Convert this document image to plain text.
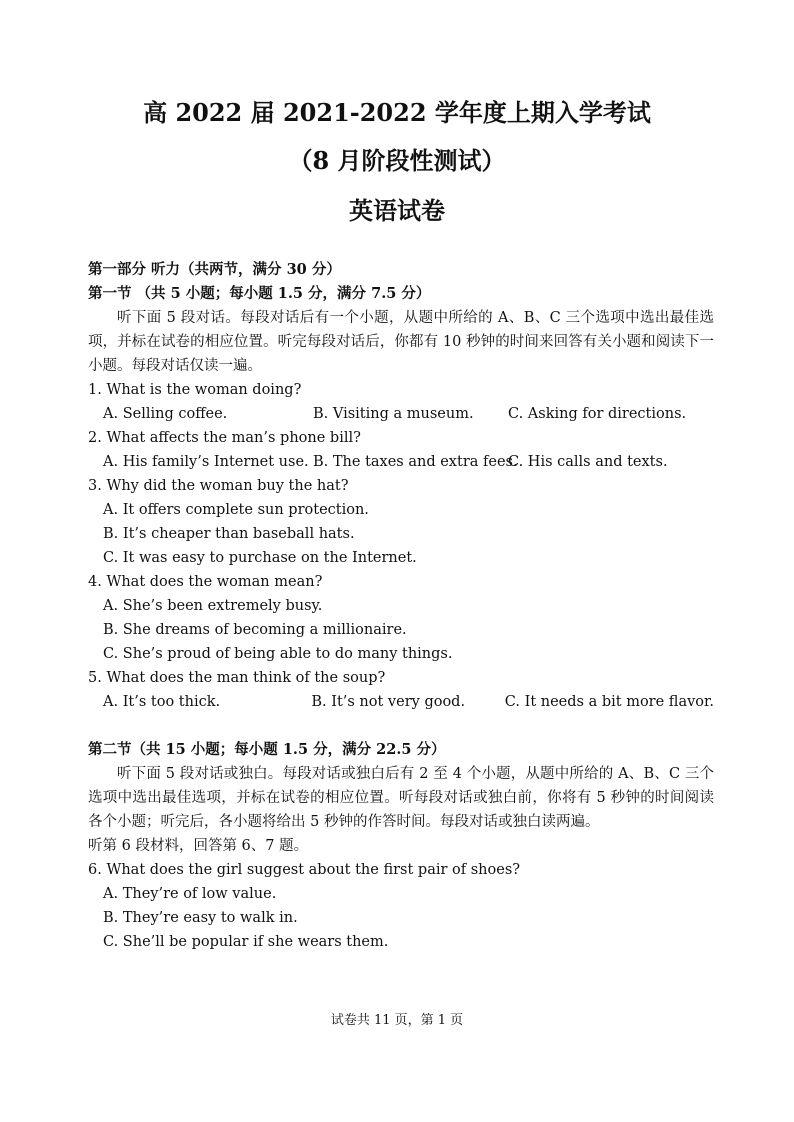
高 2022 届 2021-2022 学年度上期入学考试
（8 月阶段性测试）
英语试卷
第一部分 听力（共两节，满分 30 分）
第一节 （共 5 小题；每小题 1.5 分，满分 7.5 分）
听下面 5 段对话。每段对话后有一个小题，从题中所给的 A、B、C 三个选项中选出最佳选项，并标在试卷的相应位置。听完每段对话后，你都有 10 秒钟的时间来回答有关小题和阅读下一小题。每段对话仅读一遍。
1. What is the woman doing?
A. Selling coffee.	B. Visiting a museum.	C. Asking for directions.
2. What affects the man’s phone bill?
A. His family’s Internet use. B. The taxes and extra fees.
C. His calls and texts.
3. Why did the woman buy the hat?
A. It offers complete sun protection.
B. It’s cheaper than baseball hats.
C. It was easy to purchase on the Internet.
4. What does the woman mean?
A. She’s been extremely busy.
B. She dreams of becoming a millionaire.
C. She’s proud of being able to do many things.
5. What does the man think of the soup?
A. It’s too thick.	B. It’s not very good.	C. It needs a bit more flavor.
第二节（共 15 小题；每小题 1.5 分，满分 22.5 分）
听下面 5 段对话或独白。每段对话或独白后有 2 至 4 个小题，从题中所给的 A、B、C 三个选项中选出最佳选项，并标在试卷的相应位置。听每段对话或独白前，你将有 5 秒钟的时间阅读各个小题；听完后，各小题将给出 5 秒钟的作答时间。每段对话或独白读两遍。
听第 6 段材料，回答第 6、7 题。
6. What does the girl suggest about the first pair of shoes?
A. They’re of low value.
B. They’re easy to walk in.
C. She’ll be popular if she wears them.
试卷共 11 页，第 1 页
